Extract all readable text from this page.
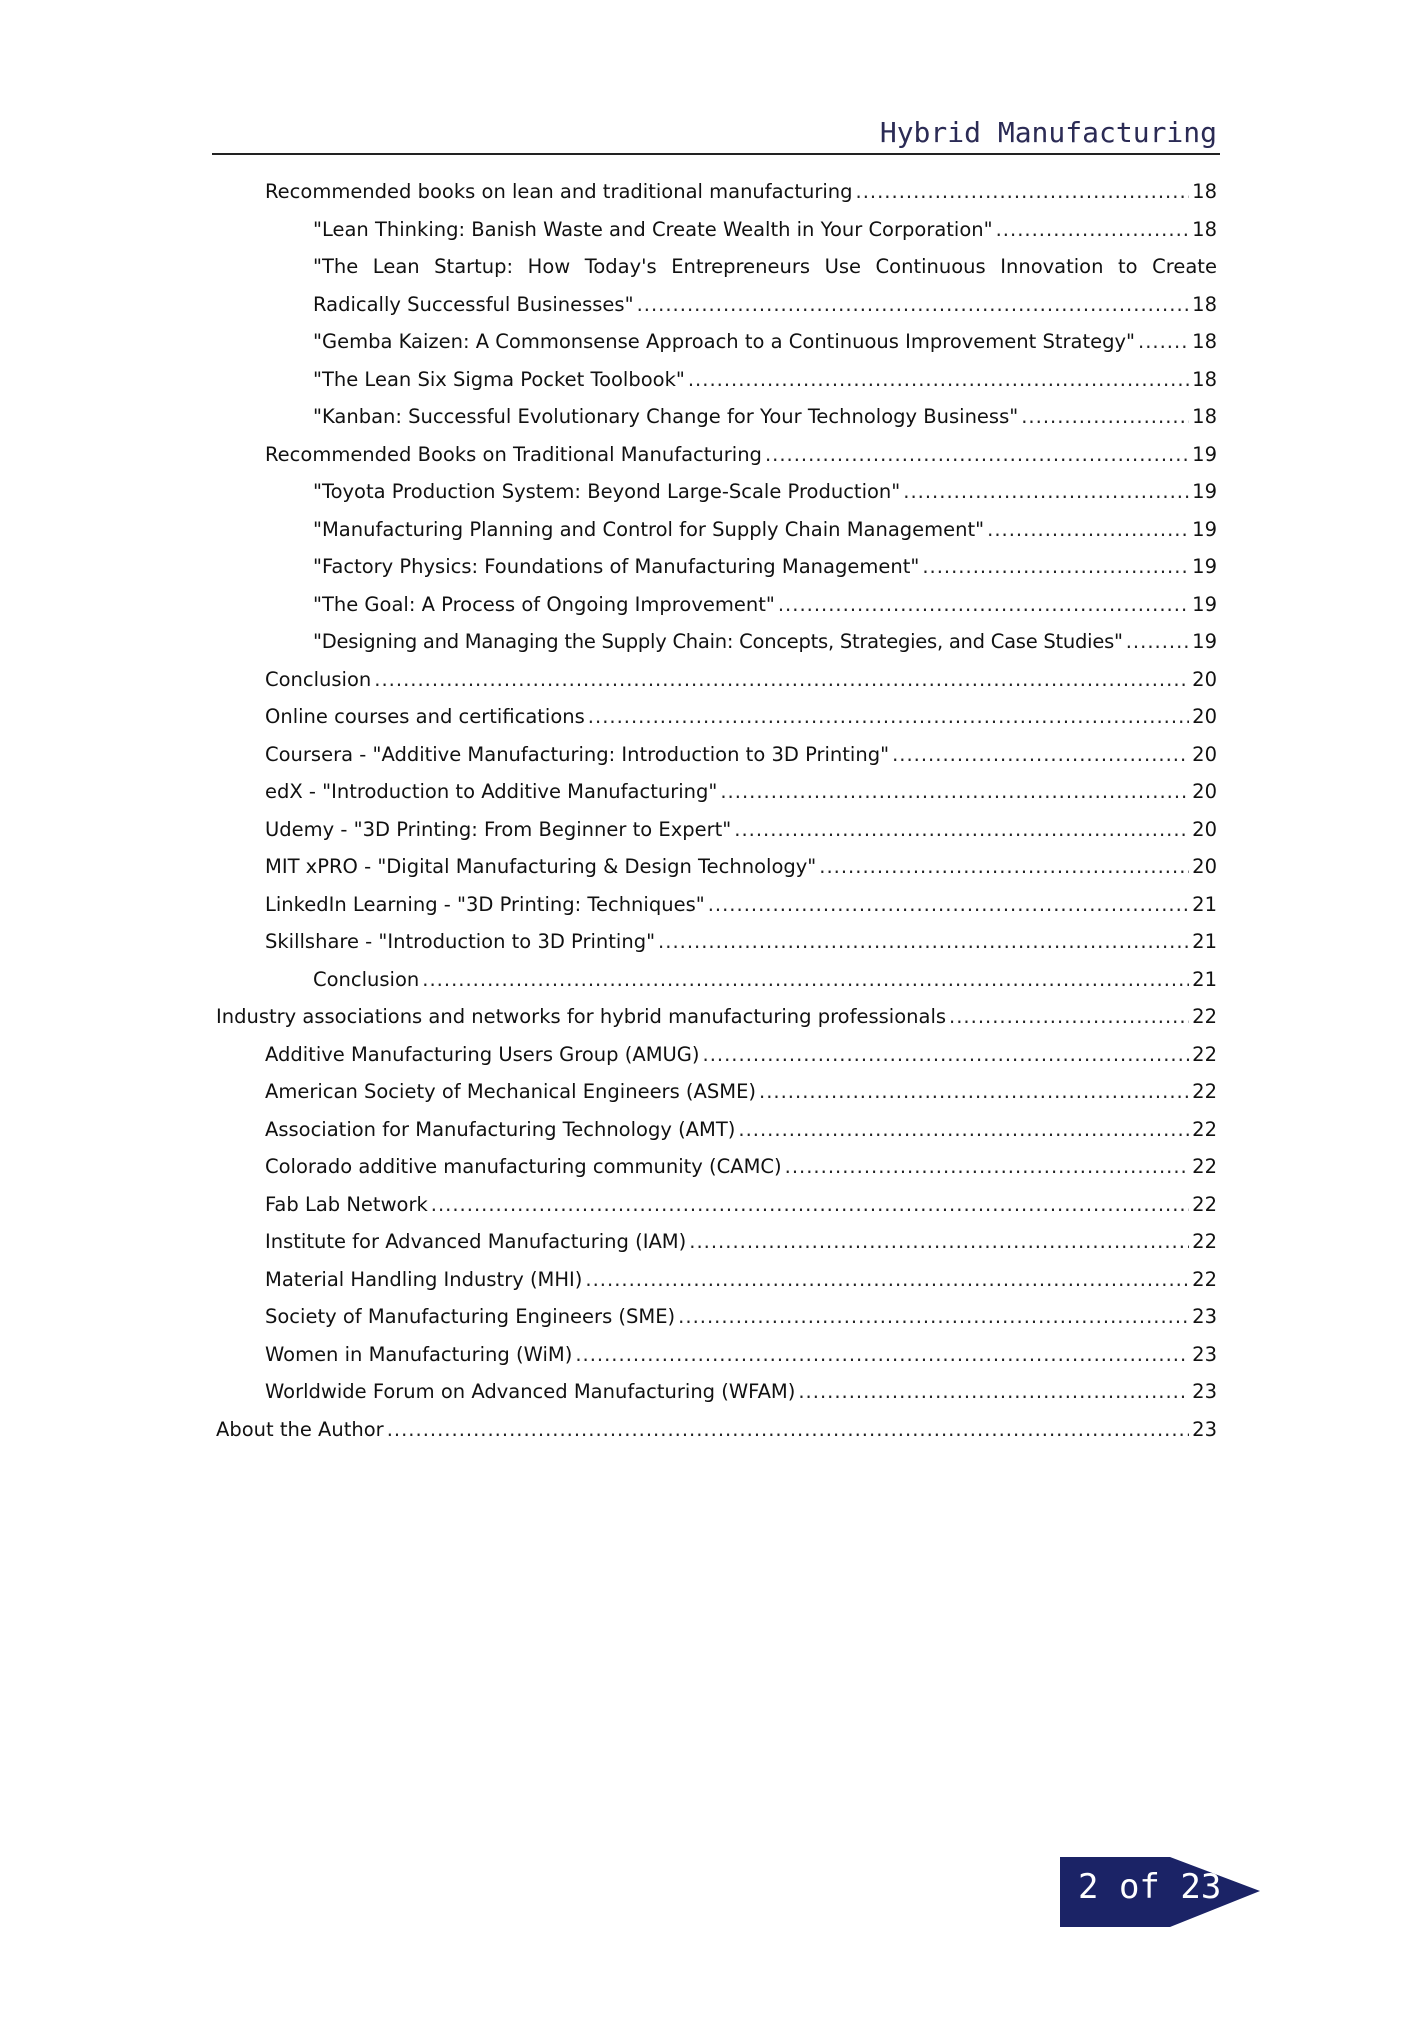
Hybrid Manufacturing
Recommended books on lean and traditional manufacturing .....	18
"Lean Thinking: Banish Waste and Create Wealth in Your Corporation" .....	18
"The Lean Startup: How Today's Entrepreneurs Use Continuous Innovation to Create
Radically Successful Businesses" .....	18
"Gemba Kaizen: A Commonsense Approach to a Continuous Improvement Strategy" .....	18
"The Lean Six Sigma Pocket Toolbook" .....	18
"Kanban: Successful Evolutionary Change for Your Technology Business" .....	18
Recommended Books on Traditional Manufacturing .....	19
"Toyota Production System: Beyond Large-Scale Production" .....	19
"Manufacturing Planning and Control for Supply Chain Management" .....	19
"Factory Physics: Foundations of Manufacturing Management" .....	19
"The Goal: A Process of Ongoing Improvement" .....	19
"Designing and Managing the Supply Chain: Concepts, Strategies, and Case Studies" .....	19
Conclusion .....	20
Online courses and certifications .....	20
Coursera - "Additive Manufacturing: Introduction to 3D Printing" .....	20
edX - "Introduction to Additive Manufacturing" .....	20
Udemy - "3D Printing: From Beginner to Expert" .....	20
MIT xPRO - "Digital Manufacturing & Design Technology" .....	20
LinkedIn Learning - "3D Printing: Techniques" .....	21
Skillshare - "Introduction to 3D Printing" .....	21
Conclusion .....	21
Industry associations and networks for hybrid manufacturing professionals .....	22
Additive Manufacturing Users Group (AMUG) .....	22
American Society of Mechanical Engineers (ASME) .....	22
Association for Manufacturing Technology (AMT) .....	22
Colorado additive manufacturing community (CAMC) .....	22
Fab Lab Network .....	22
Institute for Advanced Manufacturing (IAM) .....	22
Material Handling Industry (MHI) .....	22
Society of Manufacturing Engineers (SME) .....	23
Women in Manufacturing (WiM) .....	23
Worldwide Forum on Advanced Manufacturing (WFAM) .....	23
About the Author .....	23
2 of 23
